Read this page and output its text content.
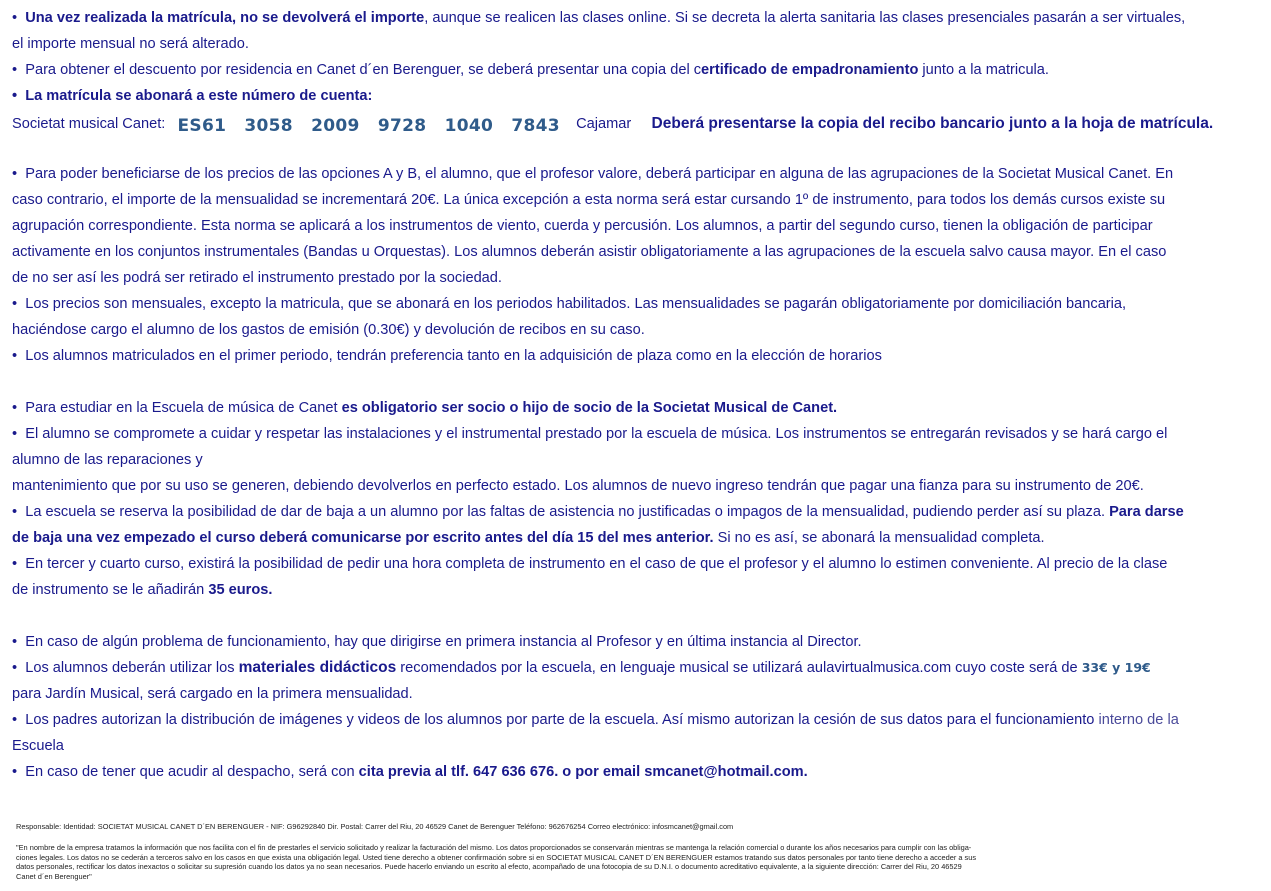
•  Una vez realizada la matrícula, no se devolverá el importe, aunque se realicen las clases online. Si se decreta la alerta sanitaria las clases presenciales pasarán a ser virtuales,
el importe mensual no será alterado.
•  Para obtener el descuento por residencia en Canet d´en Berenguer, se deberá presentar una copia del certificado de empadronamiento junto a la matricula.
•  La matrícula se abonará a este número de cuenta:
Societat musical Canet: ES61 3058 2009 9728 1040 7843 Cajamar Deberá presentarse la copia del recibo bancario junto a la hoja de matrícula.
•  Para poder beneficiarse de los precios de las opciones A y B, el alumno, que el profesor valore, deberá participar en alguna de las agrupaciones de la Societat Musical Canet. En
caso contrario, el importe de la mensualidad se incrementará 20€. La única excepción a esta norma será estar cursando 1º de instrumento, para todos los demás cursos existe su
agrupación correspondiente. Esta norma se aplicará a los instrumentos de viento, cuerda y percusión. Los alumnos, a partir del segundo curso, tienen la obligación de participar
activamente en los conjuntos instrumentales (Bandas u Orquestas). Los alumnos deberán asistir obligatoriamente a las agrupaciones de la escuela salvo causa mayor. En el caso
de no ser así les podrá ser retirado el instrumento prestado por la sociedad.
•  Los precios son mensuales, excepto la matricula, que se abonará en los periodos habilitados. Las mensualidades se pagarán obligatoriamente por domiciliación bancaria,
haciéndose cargo el alumno de los gastos de emisión (0.30€) y devolución de recibos en su caso.
•  Los alumnos matriculados en el primer periodo, tendrán preferencia tanto en la adquisición de plaza como en la elección de horarios
•  Para estudiar en la Escuela de música de Canet es obligatorio ser socio o hijo de socio de la Societat Musical de Canet.
•  El alumno se compromete a cuidar y respetar las instalaciones y el instrumental prestado por la escuela de música. Los instrumentos se entregarán revisados y se hará cargo el
alumno de las reparaciones y
mantenimiento que por su uso se generen, debiendo devolverlos en perfecto estado. Los alumnos de nuevo ingreso tendrán que pagar una fianza para su instrumento de 20€.
•  La escuela se reserva la posibilidad de dar de baja a un alumno por las faltas de asistencia no justificadas o impagos de la mensualidad, pudiendo perder así su plaza. Para darse
de baja una vez empezado el curso deberá comunicarse por escrito antes del día 15 del mes anterior. Si no es así, se abonará la mensualidad completa.
•  En tercer y cuarto curso, existirá la posibilidad de pedir una hora completa de instrumento en el caso de que el profesor y el alumno lo estimen conveniente. Al precio de la clase
de instrumento se le añadirán 35 euros.
•  En caso de algún problema de funcionamiento, hay que dirigirse en primera instancia al Profesor y en última instancia al Director.
•  Los alumnos deberán utilizar los materiales didácticos recomendados por la escuela, en lenguaje musical se utilizará aulavirtualmusica.com cuyo coste será de 33€ y 19€
para Jardín Musical, será cargado en la primera mensualidad.
•  Los padres autorizan la distribución de imágenes y videos de los alumnos por parte de la escuela. Así mismo autorizan la cesión de sus datos para el funcionamiento interno de la
Escuela
•  En caso de tener que acudir al despacho, será con cita previa al tlf. 647 636 676. o por email smcanet@hotmail.com.
Responsable: Identidad: SOCIETAT MUSICAL CANET D´EN BERENGUER - NIF: G96292840 Dir. Postal: Carrer del Riu, 20 46529 Canet de Berenguer Teléfono: 962676254 Correo electrónico: infosmcanet@gmail.com
"En nombre de la empresa tratamos la información que nos facilita con el fin de prestarles el servicio solicitado y realizar la facturación del mismo. Los datos proporcionados se conservarán mientras se mantenga la relación comercial o durante los años necesarios para cumplir con las obliga-
ciones legales. Los datos no se cederán a terceros salvo en los casos en que exista una obligación legal. Usted tiene derecho a obtener confirmación sobre si en SOCIETAT MUSICAL CANET D´EN BERENGUER estamos tratando sus datos personales por tanto tiene derecho a acceder a sus
datos personales, rectificar los datos inexactos o solicitar su supresión cuando los datos ya no sean necesarios. Puede hacerlo enviando un escrito al efecto, acompañado de una fotocopia de su D.N.I. o documento acreditativo equivalente, a la siguiente dirección: Carrer del Riu, 20 46529
Canet d´en Berenguer"
